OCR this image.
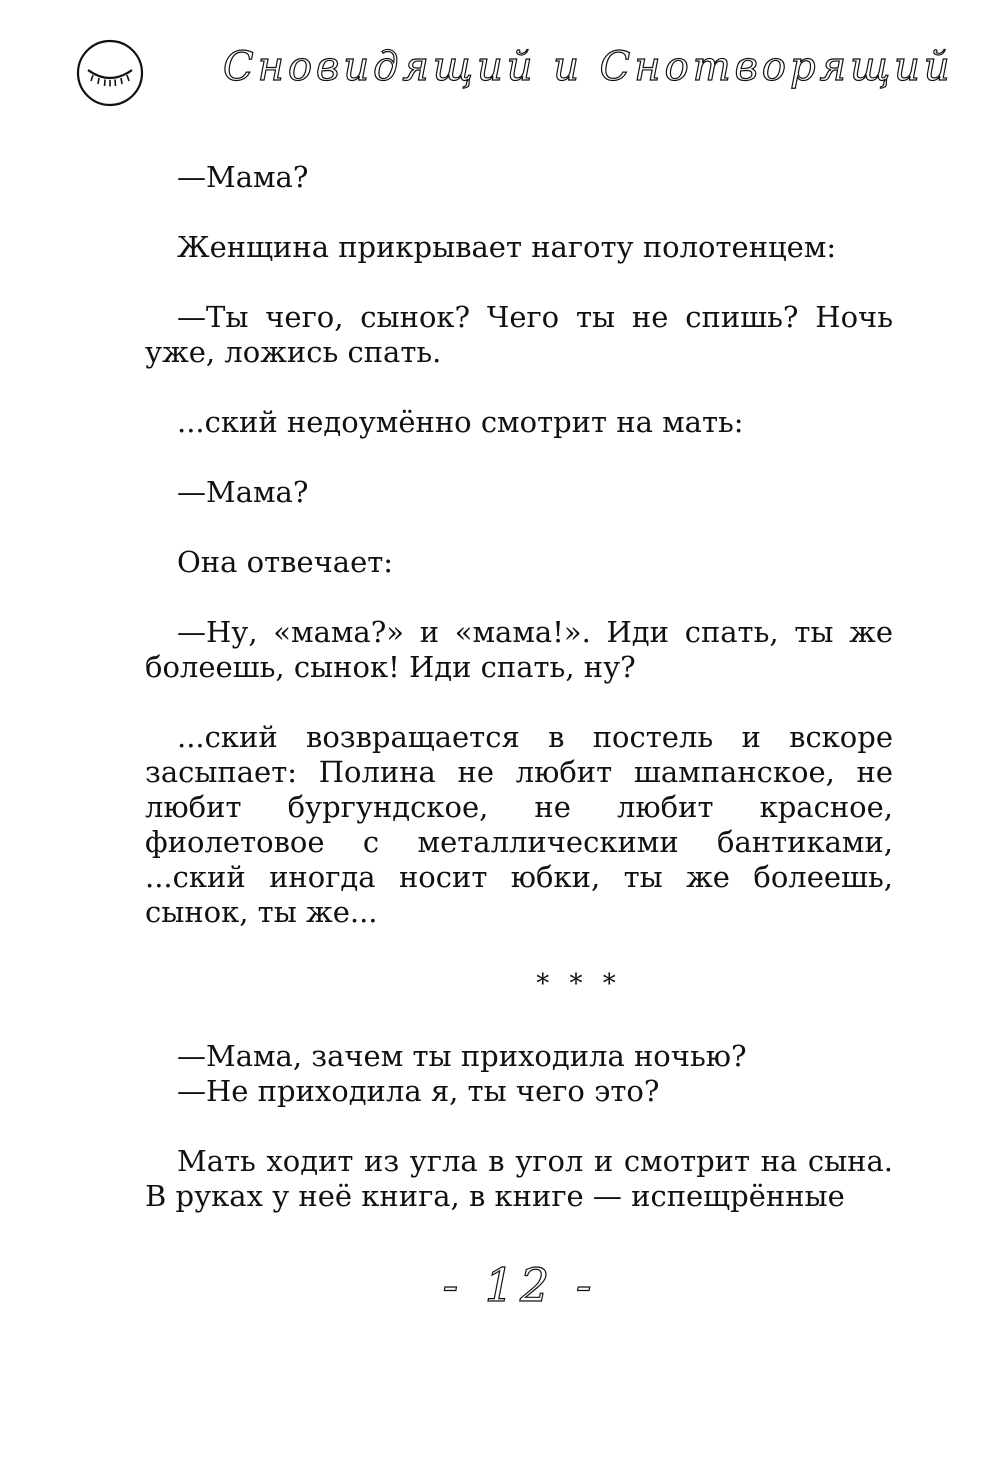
Сновидящий и Снотворящий

—Мама?

Женщина прикрывает наготу полотенцем:

—Ты чего, сынок? Чего ты не спишь? Ночь уже, ложись спать.

...ский недоумённо смотрит на мать:

—Мама?

Она отвечает:

—Ну, «мама?» и «мама!». Иди спать, ты же болеешь, сынок! Иди спать, ну?

...ский возвращается в постель и вскоре засыпает: Полина не любит шампанское, не любит бургундское, не любит красное, фиолетовое с металлическими бантиками, ...ский иногда носит юбки, ты же болеешь, сынок, ты же...

* * *

—Мама, зачем ты приходила ночью?

—Не приходила я, ты чего это?

Мать ходит из угла в угол и смотрит на сына. В руках у неё книга, в книге — испещрённые

- 12 -
